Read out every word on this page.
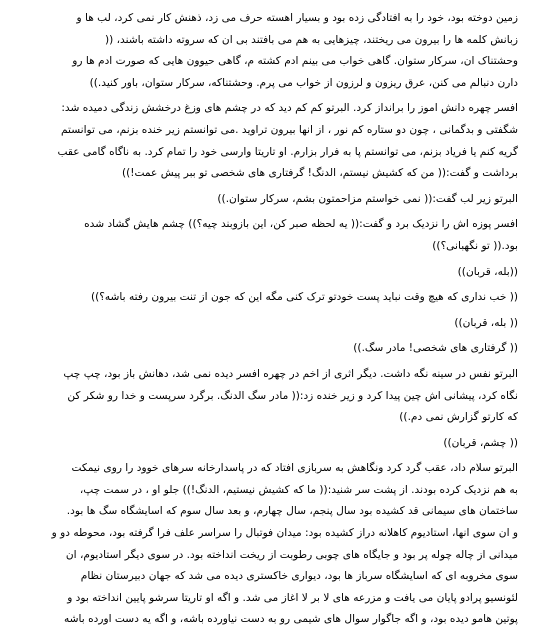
زمین دوخته بود، خود را به افتادگی زده بود و بسیار اهسته حرف می زد، ذهنش کار نمی کرد، لب ها و

زبانش کلمه ها را بیرون می ریختند، چیزهایی به هم می بافتند بی ان که سروته داشته باشند، ((

وحشتناک ان، سرکار ستوان. گاهی خواب می بینم ادم کشته م، گاهی حیوون هایی که صورت ادم ها رو

دارن دنبالم می کنن، عرق ریزون و لرزون از خواب می پرم. وحشتناکه، سرکار ستوان، باور کنید.))

افسر چهره دانش اموز را برانداز کرد. البرتو کم کم دید که در چشم های وزغ درخشش زندگی دمیده شد:

شگفتی و بدگمانی ، چون دو ستاره کم نور ، از انها بیرون تراوید .می توانستم زیر خنده بزنم، می توانستم

گریه کنم یا فریاد بزنم، می توانستم پا به فرار بزارم. او تاریتا وارسی خود را تمام کرد. به ناگاه گامی عقب

برداشت و گفت:(( من که کشیش نیستم، الدنگ! گرفتاری های شخصی تو ببر پیش عمت!))

البرتو زیر لب گفت:(( نمی خواستم مزاحمتون بشم، سرکار ستوان.))

افسر پوزه اش را نزدیک برد و گفت:(( یه لحظه صبر کن، این بازوبند چیه؟)) چشم هایش گشاد شده

بود.(( تو نگهبانی؟))

((بله، قربان))

(( خب نداری که هیچ وقت نباید پست خودتو ترک کنی مگه این که جون از تنت بیرون رفته باشه؟))

(( بله، قربان))

(( گرفتاری های شخصی! مادر سگ.))

البرتو نفس در سینه نگه داشت. دیگر اثری از اخم در چهره افسر دیده نمی شد، دهانش باز بود، چپ چپ

نگاه کرد، پیشانی اش چین پیدا کرد و زیر خنده زد:(( مادر سگ الدنگ. برگرد سرپست و خدا رو شکر کن

که کارتو گزارش نمی دم.))

(( چشم، قربان))

البرتو سلام داد، عقب گرد کرد ونگاهش به سربازی افتاد که در پاسدارخانه سرهای خوود را روی نیمکت

به هم نزدیک کرده بودند. از پشت سر شنید:(( ما که کشیش نیستیم، الدنگ!)) جلو او ، در سمت چپ،

ساختمان های سیمانی قد کشیده بود سال پنجم، سال چهارم، و بعد سال سوم که اسایشگاه سگ ها بود.

و ان سوی انها، استادیوم کاهلانه دراز کشیده بود: میدان فوتبال را سراسر علف فرا گرفته بود، محوطه دو و

میدانی از چاله چوله پر بود و جایگاه های چوبی رطوبت از ریخت انداخته بود. در سوی دیگر استادیوم، ان

سوی مخروبه ای که اسایشگاه سرباز ها بود، دیواری خاکستری دیده می شد که جهان دبیرستان نظام

لئونسیو پرادو پایان می یافت و مزرعه های لا بر لا اغاز می شد. و اگه او تاریتا سرشو پایین انداخته بود و

پوتین هامو دیده بود، و اگه جاگوار سوال های شیمی رو به دست نیاورده باشه، و اگه یه دست اورده باشه
